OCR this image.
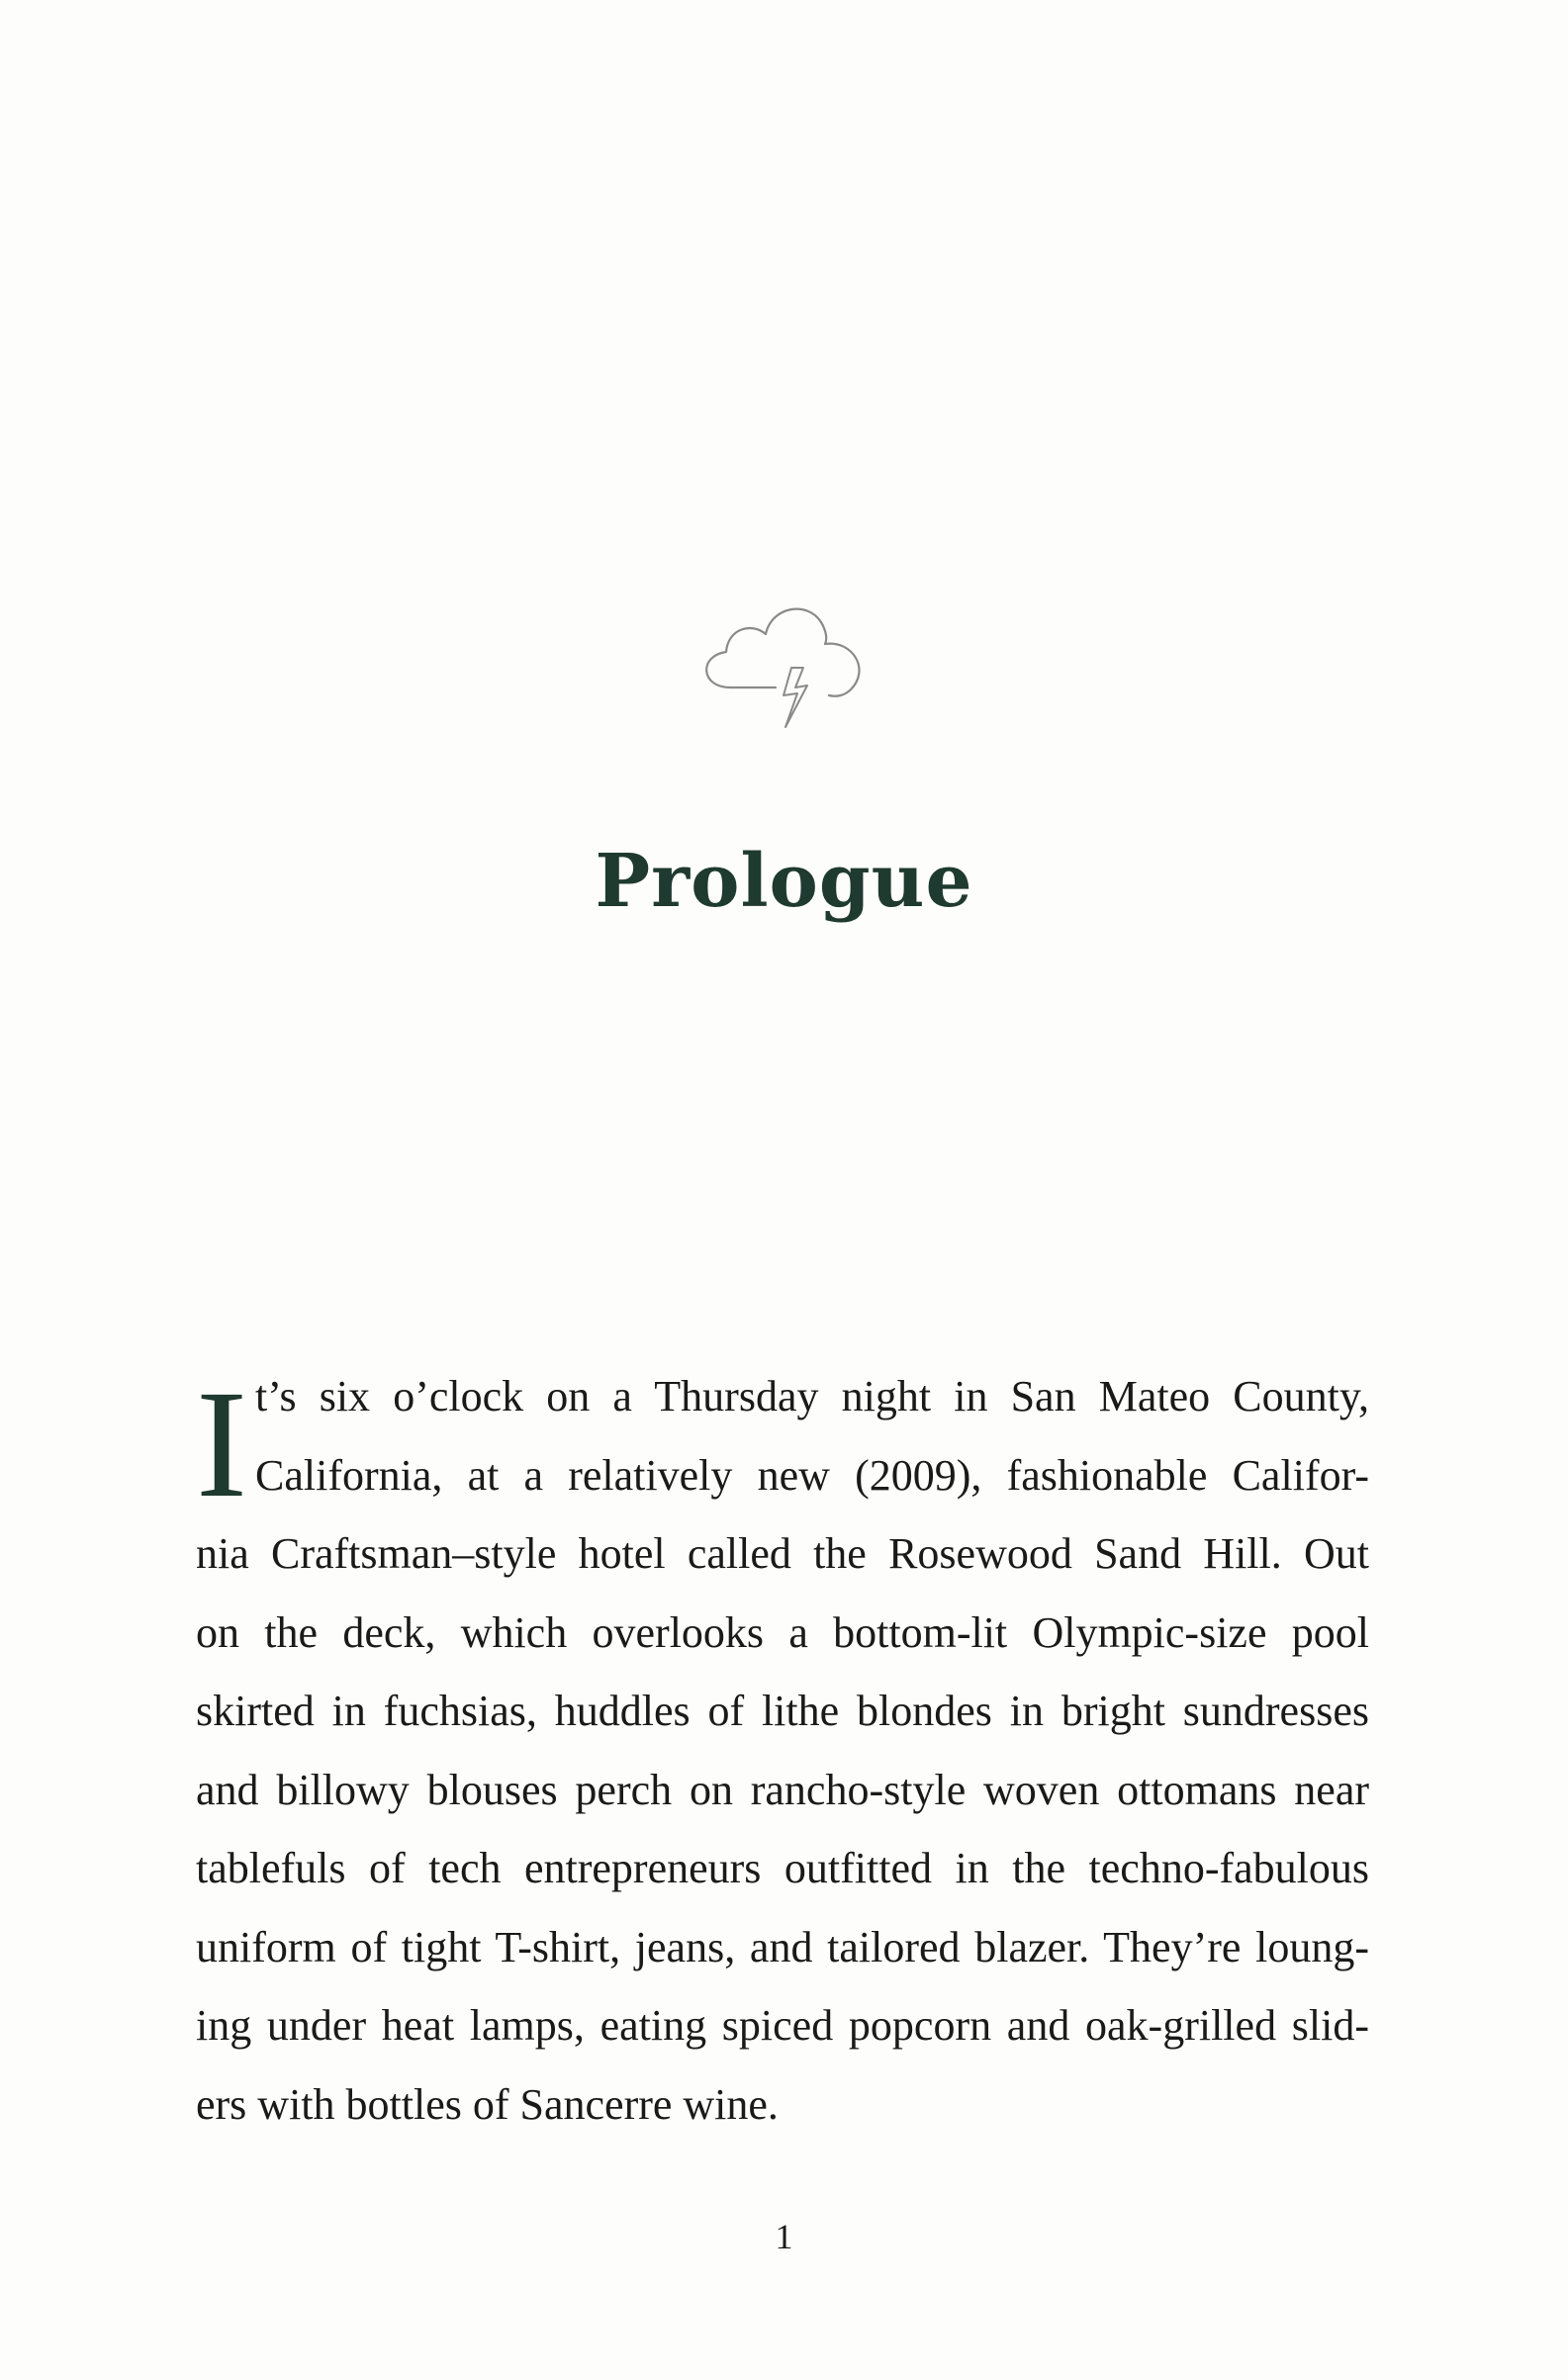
Prologue
I t’s six o’clock on a Thursday night in San Mateo County,
California, at a relatively new (2009), fashionable Califor-
nia Craftsman–style hotel called the Rosewood Sand Hill. Out
on the deck, which overlooks a bottom-lit Olympic-size pool
skirted in fuchsias, huddles of lithe blondes in bright sundresses
and billowy blouses perch on rancho-style woven ottomans near
tablefuls of tech entrepreneurs outfitted in the techno-fabulous
uniform of tight T-shirt, jeans, and tailored blazer. They’re loung-
ing under heat lamps, eating spiced popcorn and oak-grilled slid-
ers with bottles of Sancerre wine.
1
